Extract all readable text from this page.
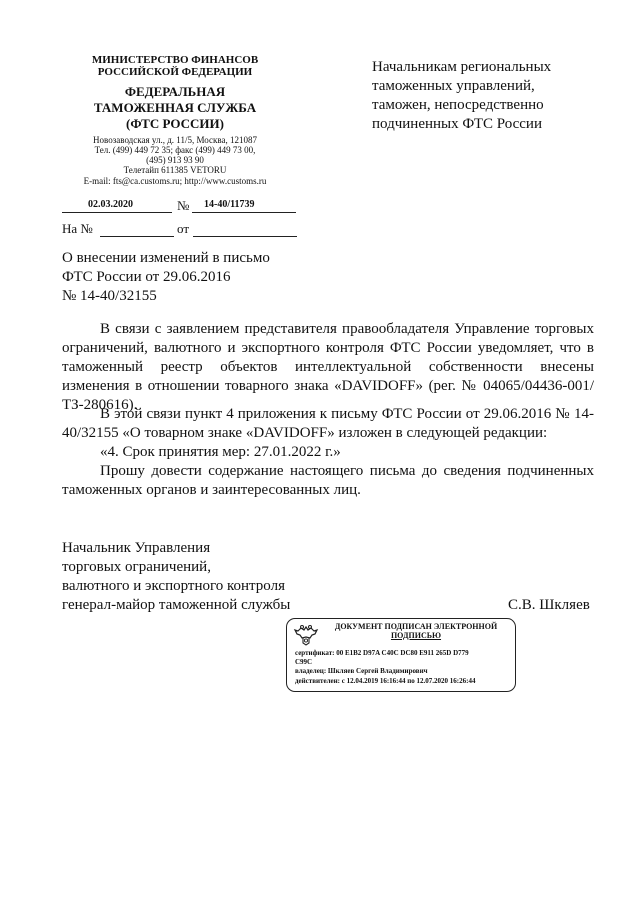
МИНИСТЕРСТВО ФИНАНСОВ
РОССИЙСКОЙ ФЕДЕРАЦИИ
ФЕДЕРАЛЬНАЯ
ТАМОЖЕННАЯ СЛУЖБА
(ФТС РОССИИ)
Новозаводская ул., д. 11/5, Москва, 121087
Тел. (499) 449 72 35; факс (499) 449 73 00,
(495) 913 93 90
Телетайп 611385 VETORU
E-mail: fts@ca.customs.ru; http://www.customs.ru
02.03.2020	№ 14-40/11739
На №	от
Начальникам региональных
таможенных управлений,
таможен, непосредственно
подчиненных ФТС России
О внесении изменений в письмо
ФТС России от 29.06.2016
№ 14-40/32155
В связи с заявлением представителя правообладателя Управление торговых ограничений, валютного и экспортного контроля ФТС России уведомляет, что в таможенный реестр объектов интеллектуальной собственности внесены изменения в отношении товарного знака «DAVIDOFF» (рег. № 04065/04436-001/ТЗ-280616).
В этой связи пункт 4 приложения к письму ФТС России от 29.06.2016 № 14-40/32155 «О товарном знаке «DAVIDOFF» изложен в следующей редакции:
«4. Срок принятия мер: 27.01.2022 г.»
Прошу довести содержание настоящего письма до сведения подчиненных таможенных органов и заинтересованных лиц.
Начальник Управления
торговых ограничений,
валютного и экспортного контроля
генерал-майор таможенной службы	С.В. Шкляев
ДОКУМЕНТ ПОДПИСАН ЭЛЕКТРОННОЙ
ПОДПИСЬЮ
сертификат: 00 E1B2 D97A C40C DC80 E911 265D D779
C99C
владелец: Шкляев Сергей Владимирович
действителен: с 12.04.2019 16:16:44 по 12.07.2020 16:26:44
